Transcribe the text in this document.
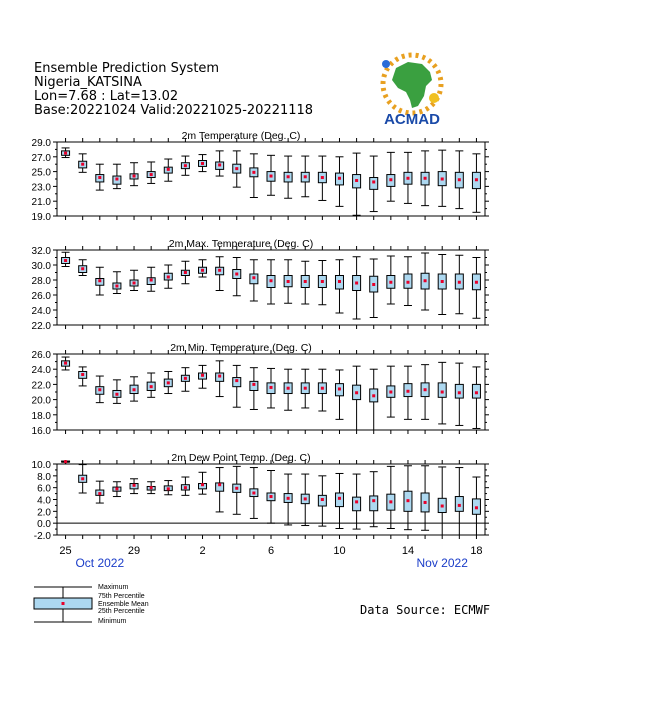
Ensemble Prediction System
Nigeria_KATSINA
Lon=7.68 : Lat=13.02
Base:20221024 Valid:20221025-20221118
ACMAD
19.0
21.0
23.0
25.0
27.0
29.0
2m Temperature (Deg. C)
22.0
24.0
26.0
28.0
30.0
32.0
2m Max. Temperature (Deg. C)
16.0
18.0
20.0
22.0
24.0
26.0
2m Min. Temperature (Deg. C)
-2.0
0.0
2.0
4.0
6.0
8.0
10.0
2m Dew Point Temp. (Deg. C)
25	29	2	6	10	14	18
Oct 2022	Nov 2022
Maximum
75th Percentile
Ensemble Mean
25th Percentile
Minimum
Data Source: ECMWF
